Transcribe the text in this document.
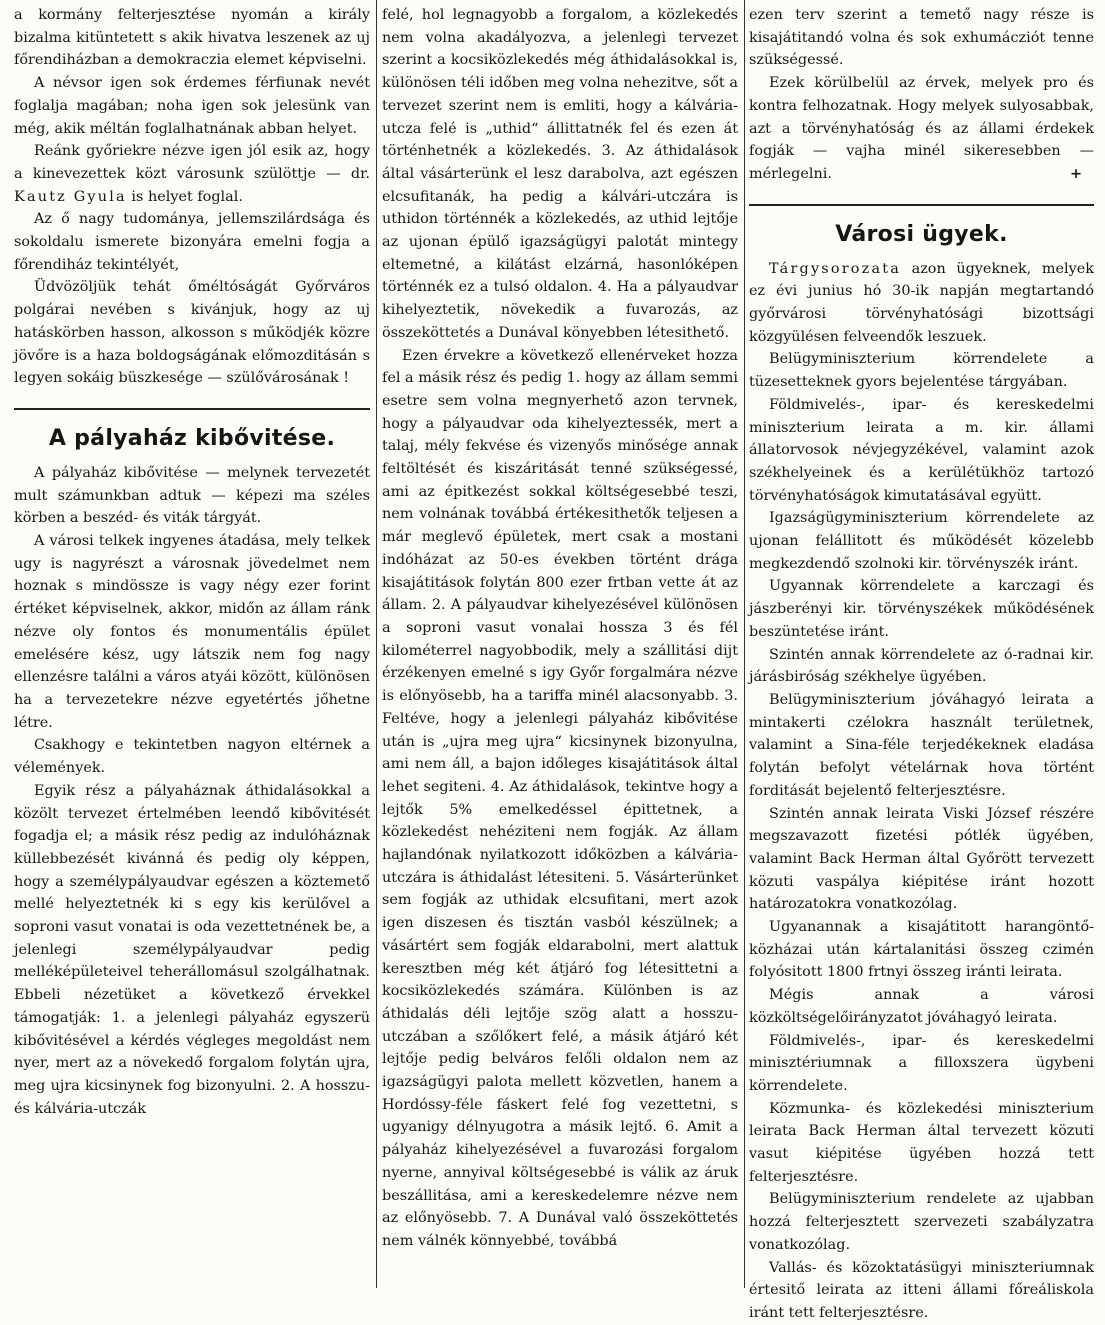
a kormány felterjesztése nyomán a király bizalma kitüntetett s akik hivatva leszenek az uj főrendiházban a demokraczia elemet képviselni.

A névsor igen sok érdemes férfiunak nevét foglalja magában; noha igen sok jelesünk van még, akik méltán foglalhatnának abban helyet.

Reánk győriekre nézve igen jól esik az, hogy a kinevezettek közt városunk szülöttje — dr. Kautz Gyula is helyet foglal.

Az ő nagy tudománya, jellemszilárdsága és sokoldalu ismerete bizonyára emelni fogja a főrendiház tekintélyét,

Üdvözöljük tehát őméltóságát Győrváros polgárai nevében s kivánjuk, hogy az uj hatáskörben hasson, alkosson s működjék közre jövőre is a haza boldogságának előmozditásán s legyen sokáig büszkesége — szülővárosának !

A pályaház kibővitése.

A pályaház kibővitése — melynek tervezetét mult számunkban adtuk — képezi ma széles körben a beszéd- és viták tárgyát.

A városi telkek ingyenes átadása, mely telkek ugy is nagyrészt a városnak jövedelmet nem hoznak s mindössze is vagy négy ezer forint értéket képviselnek, akkor, midőn az állam ránk nézve oly fontos és monumentális épület emelésére kész, ugy látszik nem fog nagy ellenzésre találni a város atyái között, különösen ha a tervezetekre nézve egyetértés jőhetne létre.

Csakhogy e tekintetben nagyon eltérnek a vélemények.

Egyik rész a pályaháznak áthidalásokkal a közölt tervezet értelmében leendő kibővitését fogadja el; a másik rész pedig az indulóháznak küllebbezését kivánná és pedig oly képpen, hogy a személypályaudvar egészen a köztemető mellé helyeztetnék ki s egy kis kerülővel a soproni vasut vonatai is oda vezettetnének be, a jelenlegi személypályaudvar pedig melléképületeivel teherállomásul szolgálhatnak. Ebbeli nézetüket a következő érvekkel támogatják: 1. a jelenlegi pályaház egyszerü kibővitésével a kérdés végleges megoldást nem nyer, mert az a növekedő forgalom folytán ujra, meg ujra kicsinynek fog bizonyulni. 2. A hosszu- és kálvária-utczák

felé, hol legnagyobb a forgalom, a közlekedés nem volna akadályozva, a jelenlegi tervezet szerint a kocsiközlekedés még áthidalásokkal is, különösen téli időben meg volna nehezitve, sőt a tervezet szerint nem is emliti, hogy a kálvária-utcza felé is „uthid“ állittatnék fel és ezen át történhetnék a közlekedés. 3. Az áthidalások által vásárterünk el lesz darabolva, azt egészen elcsufitanák, ha pedig a kálvári-utczára is uthidon történnék a közlekedés, az uthid lejtője az ujonan épülő igazságügyi palotát mintegy eltemetné, a kilátást elzárná, hasonlóképen történnék ez a tulsó oldalon. 4. Ha a pályaudvar kihelyeztetik, növekedik a fuvarozás, az összeköttetés a Dunával könyebben létesithető.

Ezen érvekre a következő ellenérveket hozza fel a másik rész és pedig 1. hogy az állam semmi esetre sem volna megnyerhető azon tervnek, hogy a pályaudvar oda kihelyeztessék, mert a talaj, mély fekvése és vizenyős minősége annak feltöltését és kiszáritását tenné szükségessé, ami az épitkezést sokkal költségesebbé teszi, nem volnának továbbá értékesithetők teljesen a már meglevő épületek, mert csak a mostani indóházat az 50-es években történt drága kisajátitások folytán 800 ezer frtban vette át az állam. 2. A pályaudvar kihelyezésével különösen a soproni vasut vonalai hossza 3 és fél kilométerrel nagyobbodik, mely a szállitási dijt érzékenyen emelné s igy Győr forgalmára nézve is előnyösebb, ha a tariffa minél alacsonyabb. 3. Feltéve, hogy a jelenlegi pályaház kibővitése után is „ujra meg ujra“ kicsinynek bizonyulna, ami nem áll, a bajon időleges kisajátitások által lehet segiteni. 4. Az áthidalások, tekintve hogy a lejtők 5% emelkedéssel épittetnek, a közlekedést nehéziteni nem fogják. Az állam hajlandónak nyilatkozott időközben a kálvária-utczára is áthidalást létesiteni. 5. Vásárterünket sem fogják az uthidak elcsufitani, mert azok igen diszesen és tisztán vasból készülnek; a vásártért sem fogják eldarabolni, mert alattuk keresztben még két átjáró fog létesittetni a kocsiközlekedés számára. Különben is az áthidalás déli lejtője szög alatt a hosszu-utczában a szőlőkert felé, a másik átjáró két lejtője pedig belváros felőli oldalon nem az igazságügyi palota mellett közvetlen, hanem a Hordóssy-féle fáskert felé fog vezettetni, s ugyanigy délnyugotra a másik lejtő. 6. Amit a pályaház kihelyezésével a fuvarozási forgalom nyerne, annyival költségesebbé is válik az áruk beszállitása, ami a kereskedelemre nézve nem az előnyösebb. 7. A Dunával való összeköttetés nem válnék könnyebbé, továbbá

ezen terv szerint a temető nagy része is kisajátitandó volna és sok exhumácziót tenne szükségessé.

Ezek körülbelül az érvek, melyek pro és kontra felhozatnak. Hogy melyek sulyosabbak, azt a törvényhatóság és az állami érdekek fogják — vajha minél sikeresebben — mérlegelni.	+

Városi ügyek.

Tárgysorozata azon ügyeknek, melyek ez évi junius hó 30-ik napján megtartandó győrvárosi törvényhatósági bizottsági közgyülésen felveendők leszuek.

Belügyminiszterium körrendelete a tüzesetteknek gyors bejelentése tárgyában.

Földmivelés-, ipar- és kereskedelmi miniszterium leirata a m. kir. állami állatorvosok névjegyzékével, valamint azok székhelyeinek és a kerülétükhöz tartozó törvényhatóságok kimutatásával együtt.

Igazságügyminiszterium körrendelete az ujonan felállitott és működését közelebb megkezdendő szolnoki kir. törvényszék iránt.

Ugyannak körrendelete a karczagi és jászberényi kir. törvényszékek működésének beszüntetése iránt.

Szintén annak körrendelete az ó-radnai kir. járásbiróság székhelye ügyében.

Belügyminiszterium jóváhagyó leirata a mintakerti czélokra használt területnek, valamint a Sina-féle terjedékeknek eladása folytán befolyt vételárnak hova történt forditását bejelentő felterjesztésre.

Szintén annak leirata Viski József részére megszavazott fizetési pótlék ügyében, valamint Back Herman által Győrött tervezett közuti vaspálya kiépitése iránt hozott határozatokra vonatkozólag.

Ugyanannak a kisajátitott harangöntő-közházai után kártalanitási összeg czimén folyósitott 1800 frtnyi összeg iránti leirata.

Mégis annak a városi közköltségelőirányzatot jóváhagyó leirata.

Földmivelés-, ipar- és kereskedelmi minisztériumnak a filloxszera ügybeni körrendelete.

Közmunka- és közlekedési miniszterium leirata Back Herman által tervezett közuti vasut kiépitése ügyében hozzá tett felterjesztésre.

Belügyminiszterium rendelete az ujabban hozzá felterjesztett szervezeti szabályzatra vonatkozólag.

Vallás- és közoktatásügyi miniszteriumnak értesitő leirata az itteni állami főreáliskola iránt tett felterjesztésre.
